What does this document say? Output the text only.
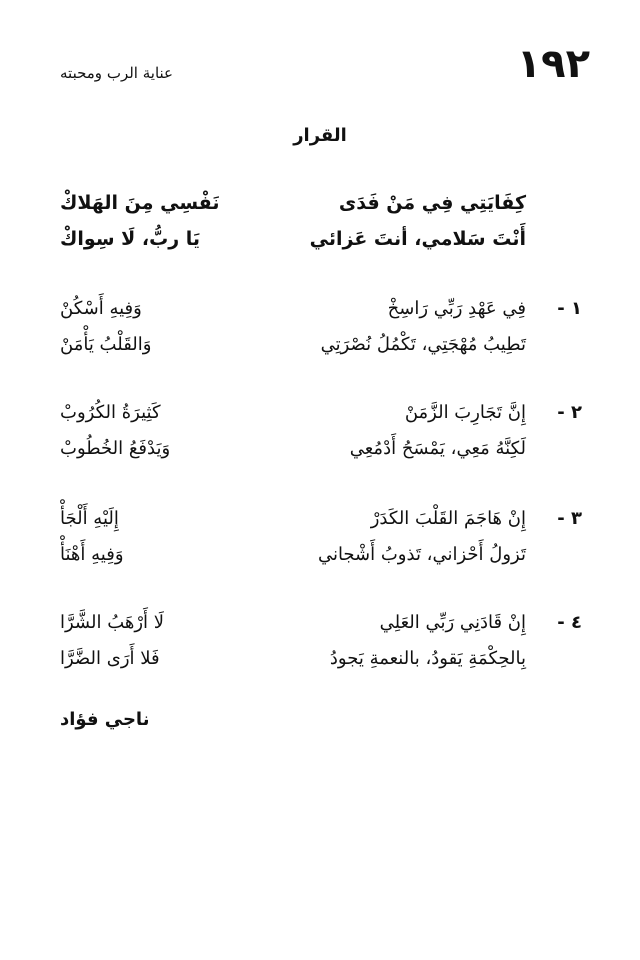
١٩٢
عناية الرب ومحبته
القرار
كِفَايَتِي فِي مَنْ فَدَى
نَفْسِي مِنَ الهَلاكْ
أَنْتَ سَلامي، أنتَ عَزائي
يَا ربُّ، لَا سِواكْ
١ -
فِي عَهْدِ رَبِّي رَاسِخْ
وَفِيهِ أَسْكُنْ
تَطِيبُ مُهْجَتِي، تَكْمُلُ نُصْرَتِي
وَالقَلْبُ يَأْمَنْ
٢ -
إِنَّ تَجَارِبَ الزَّمَنْ
كَثِيرَةُ الكُرُوبْ
لَكِنَّهُ مَعِي، يَمْسَحُ أَدْمُعِي
وَيَدْفَعُ الخُطُوبْ
٣ -
إِنْ هَاجَمَ القَلْبَ الكَدَرْ
إِلَيْهِ أَلْجَأْ
تَزولُ أَحْزاني، تَذوبُ أَشْجاني
وَفِيهِ أَهْنَأْ
٤ -
إِنْ قَادَنِي رَبِّي العَلِي
لَا أَرْهَبُ الشَّرَّا
بِالحِكْمَةِ يَقودُ، بالنعمةِ يَجودُ
فَلا أَرَى الضَّرَّا
ناجي فؤاد
